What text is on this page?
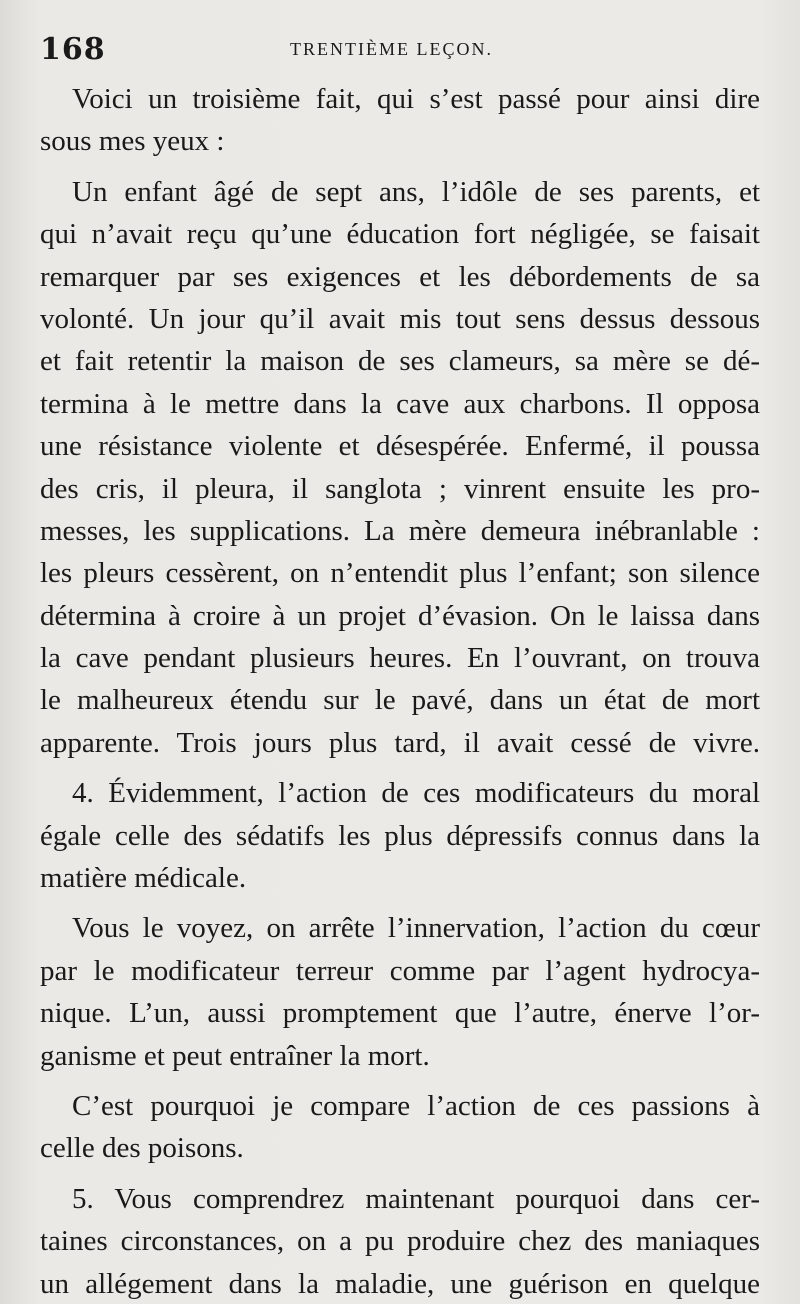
168	TRENTIÈME LEÇON.
Voici un troisième fait, qui s’est passé pour ainsi dire
sous mes yeux :
Un enfant âgé de sept ans, l’idôle de ses parents, et
qui n’avait reçu qu’une éducation fort négligée, se faisait
remarquer par ses exigences et les débordements de sa
volonté. Un jour qu’il avait mis tout sens dessus dessous
et fait retentir la maison de ses clameurs, sa mère se dé-
termina à le mettre dans la cave aux charbons. Il opposa
une résistance violente et désespérée. Enfermé, il poussa
des cris, il pleura, il sanglota ; vinrent ensuite les pro-
messes, les supplications. La mère demeura inébranlable :
les pleurs cessèrent, on n’entendit plus l’enfant; son silence
détermina à croire à un projet d’évasion. On le laissa dans
la cave pendant plusieurs heures. En l’ouvrant, on trouva
le malheureux étendu sur le pavé, dans un état de mort
apparente. Trois jours plus tard, il avait cessé de vivre.
4. Évidemment, l’action de ces modificateurs du moral
égale celle des sédatifs les plus dépressifs connus dans la
matière médicale.
Vous le voyez, on arrête l’innervation, l’action du cœur
par le modificateur terreur comme par l’agent hydrocya-
nique. L’un, aussi promptement que l’autre, énerve l’or-
ganisme et peut entraîner la mort.
C’est pourquoi je compare l’action de ces passions à
celle des poisons.
5. Vous comprendrez maintenant pourquoi dans cer-
taines circonstances, on a pu produire chez des maniaques
un allégement dans la maladie, une guérison en quelque
